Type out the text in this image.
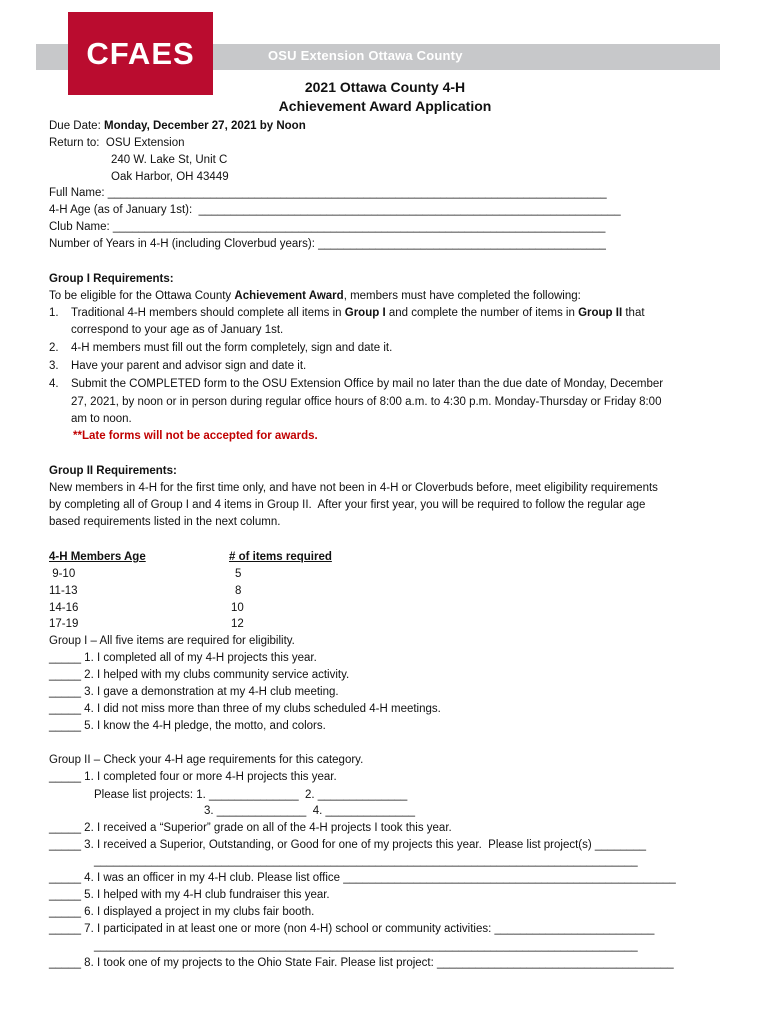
OSU Extension Ottawa County
CFAES
2021 Ottawa County 4-H
Achievement Award Application
Due Date: Monday, December 27, 2021 by Noon
Return to:  OSU Extension
240 W. Lake St, Unit C
Oak Harbor, OH 43449
Full Name: ______________________________________________________________________________
4-H Age (as of January 1st):  __________________________________________________________________
Club Name: _____________________________________________________________________________
Number of Years in 4-H (including Cloverbud years): _____________________________________________
Group I Requirements:
To be eligible for the Ottawa County Achievement Award, members must have completed the following:
1. Traditional 4-H members should complete all items in Group I and complete the number of items in Group II that
correspond to your age as of January 1st.
2. 4-H members must fill out the form completely, sign and date it.
3. Have your parent and advisor sign and date it.
4. Submit the COMPLETED form to the OSU Extension Office by mail no later than the due date of Monday, December
27, 2021, by noon or in person during regular office hours of 8:00 a.m. to 4:30 p.m. Monday-Thursday or Friday 8:00
am to noon.
**Late forms will not be accepted for awards.
Group II Requirements:
New members in 4-H for the first time only, and have not been in 4-H or Cloverbuds before, meet eligibility requirements
by completing all of Group I and 4 items in Group II.  After your first year, you will be required to follow the regular age
based requirements listed in the next column.
4-H Members Age	# of items required
9-10	5
11-13	8
14-16	10
17-19	12
Group I – All five items are required for eligibility.
_____ 1. I completed all of my 4-H projects this year.
_____ 2. I helped with my clubs community service activity.
_____ 3. I gave a demonstration at my 4-H club meeting.
_____ 4. I did not miss more than three of my clubs scheduled 4-H meetings.
_____ 5. I know the 4-H pledge, the motto, and colors.
Group II – Check your 4-H age requirements for this category.
_____ 1. I completed four or more 4-H projects this year.
Please list projects: 1. ______________  2. ______________
3. ______________  4. ______________
_____ 2. I received a “Superior” grade on all of the 4-H projects I took this year.
_____ 3. I received a Superior, Outstanding, or Good for one of my projects this year.  Please list project(s) ________
_____________________________________________________________________________________
_____ 4. I was an officer in my 4-H club. Please list office ____________________________________________________
_____ 5. I helped with my 4-H club fundraiser this year.
_____ 6. I displayed a project in my clubs fair booth.
_____ 7. I participated in at least one or more (non 4-H) school or community activities: _________________________
_____________________________________________________________________________________
_____ 8. I took one of my projects to the Ohio State Fair. Please list project: _____________________________________
